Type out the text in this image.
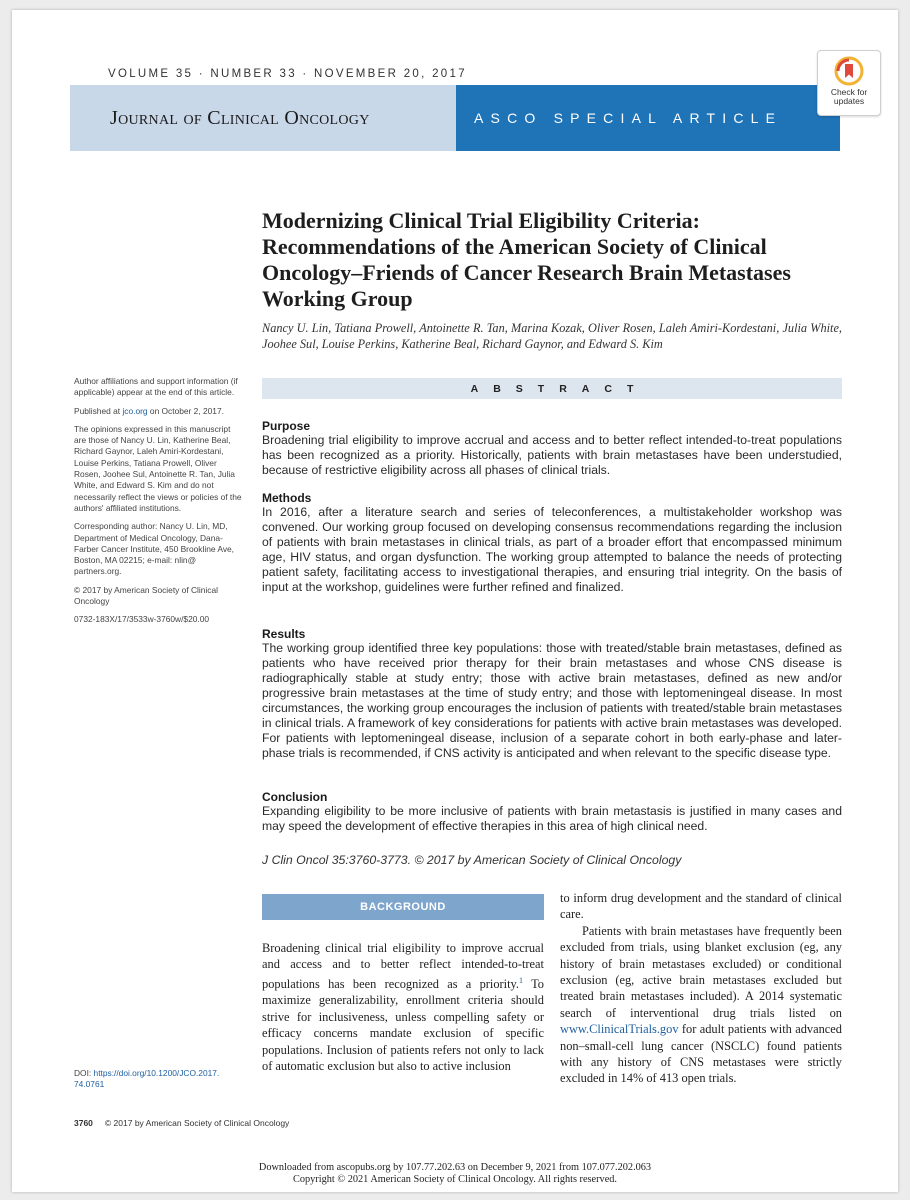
VOLUME 35 · NUMBER 33 · NOVEMBER 20, 2017
Journal of Clinical Oncology	ASCO SPECIAL ARTICLE
Check for
updates
Modernizing Clinical Trial Eligibility Criteria: Recommendations of the American Society of Clinical Oncology–Friends of Cancer Research Brain Metastases Working Group
Nancy U. Lin, Tatiana Prowell, Antoinette R. Tan, Marina Kozak, Oliver Rosen, Laleh Amiri-Kordestani, Julia White, Joohee Sul, Louise Perkins, Katherine Beal, Richard Gaynor, and Edward S. Kim

Author affiliations and support information (if applicable) appear at the end of this article.

Published at jco.org on October 2, 2017.

The opinions expressed in this manuscript are those of Nancy U. Lin, Katherine Beal, Richard Gaynor, Laleh Amiri-Kordestani, Louise Perkins, Tatiana Prowell, Oliver Rosen, Joohee Sul, Antoinette R. Tan, Julia White, and Edward S. Kim and do not necessarily reflect the views or policies of the authors' affiliated institutions.

Corresponding author: Nancy U. Lin, MD, Department of Medical Oncology, Dana-Farber Cancer Institute, 450 Brookline Ave, Boston, MA 02215; e-mail: nlin@ partners.org.

© 2017 by American Society of Clinical Oncology

0732-183X/17/3533w-3760w/$20.00

DOI: https://doi.org/10.1200/JCO.2017. 74.0761
ABSTRACT
Purpose
Broadening trial eligibility to improve accrual and access and to better reflect intended-to-treat populations has been recognized as a priority. Historically, patients with brain metastases have been understudied, because of restrictive eligibility across all phases of clinical trials.
Methods
In 2016, after a literature search and series of teleconferences, a multistakeholder workshop was convened. Our working group focused on developing consensus recommendations regarding the inclusion of patients with brain metastases in clinical trials, as part of a broader effort that encompassed minimum age, HIV status, and organ dysfunction. The working group attempted to balance the needs of protecting patient safety, facilitating access to investigational therapies, and ensuring trial integrity. On the basis of input at the workshop, guidelines were further refined and finalized.
Results
The working group identified three key populations: those with treated/stable brain metastases, defined as patients who have received prior therapy for their brain metastases and whose CNS disease is radiographically stable at study entry; those with active brain metastases, defined as new and/or progressive brain metastases at the time of study entry; and those with leptomeningeal disease. In most circumstances, the working group encourages the inclusion of patients with treated/stable brain metastases in clinical trials. A framework of key considerations for patients with active brain metastases was developed. For patients with leptomeningeal disease, inclusion of a separate cohort in both early-phase and later-phase trials is recommended, if CNS activity is anticipated and when relevant to the specific disease type.
Conclusion
Expanding eligibility to be more inclusive of patients with brain metastasis is justified in many cases and may speed the development of effective therapies in this area of high clinical need.
J Clin Oncol 35:3760-3773. © 2017 by American Society of Clinical Oncology
BACKGROUND

Broadening clinical trial eligibility to improve accrual and access and to better reflect intended-to-treat populations has been recognized as a priority.$^1$ To maximize generalizability, enrollment criteria should strive for inclusiveness, unless compelling safety or efficacy concerns mandate exclusion of specific populations. Inclusion of patients refers not only to lack of automatic exclusion but also to active inclusion

to inform drug development and the standard of clinical care.

Patients with brain metastases have frequently been excluded from trials, using blanket exclusion (eg, any history of brain metastases excluded) or conditional exclusion (eg, active brain metastases excluded but treated brain metastases included). A 2014 systematic search of interventional drug trials listed on www.ClinicalTrials.gov for adult patients with advanced non–small-cell lung cancer (NSCLC) found patients with any history of CNS metastases were strictly excluded in 14% of 413 open trials.

3760 © 2017 by American Society of Clinical Oncology
Downloaded from ascopubs.org by 107.77.202.63 on December 9, 2021 from 107.077.202.063
Copyright © 2021 American Society of Clinical Oncology. All rights reserved.
